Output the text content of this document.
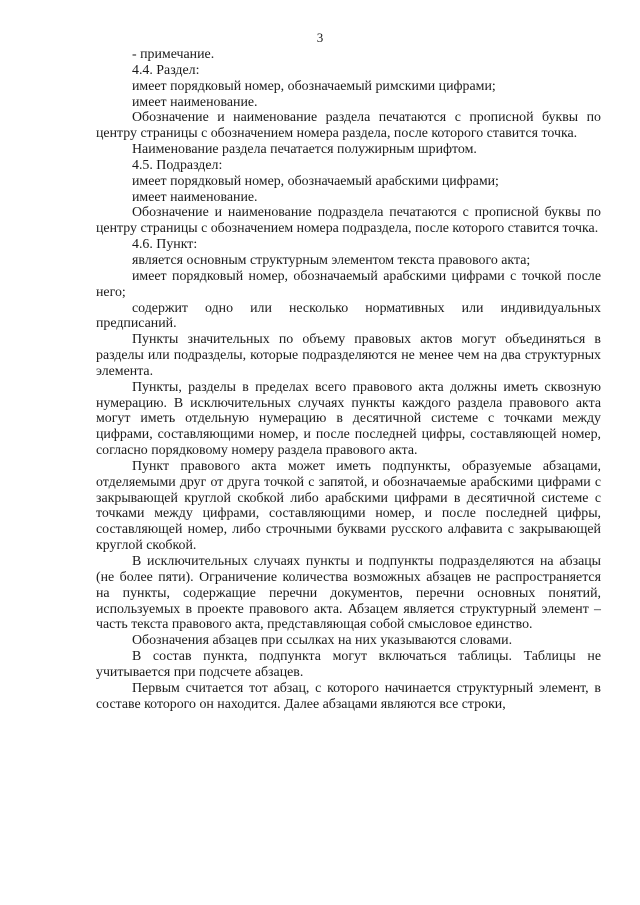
3

- примечание.

4.4. Раздел:

имеет порядковый номер, обозначаемый римскими цифрами;

имеет наименование.

Обозначение и наименование раздела печатаются с прописной буквы по центру страницы с обозначением номера раздела, после которого ставится точка.

Наименование раздела печатается полужирным шрифтом.

4.5. Подраздел:

имеет порядковый номер, обозначаемый арабскими цифрами;

имеет наименование.

Обозначение и наименование подраздела печатаются с прописной буквы по центру страницы с обозначением номера подраздела, после которого ставится точка.

4.6. Пункт:

является основным структурным элементом текста правового акта;

имеет порядковый номер, обозначаемый арабскими цифрами с точкой после него;

содержит одно или несколько нормативных или индивидуальных предписаний.

Пункты значительных по объему правовых актов могут объединяться в разделы или подразделы, которые подразделяются не менее чем на два структурных элемента.

Пункты, разделы в пределах всего правового акта должны иметь сквозную нумерацию. В исключительных случаях пункты каждого раздела правового акта могут иметь отдельную нумерацию в десятичной системе с точками между цифрами, составляющими номер, и после последней цифры, составляющей номер, согласно порядковому номеру раздела правового акта.

Пункт правового акта может иметь подпункты, образуемые абзацами, отделяемыми друг от друга точкой с запятой, и обозначаемые арабскими цифрами с закрывающей круглой скобкой либо арабскими цифрами в десятичной системе с точками между цифрами, составляющими номер, и после последней цифры, составляющей номер, либо строчными буквами русского алфавита с закрывающей круглой скобкой.

В исключительных случаях пункты и подпункты подразделяются на абзацы (не более пяти). Ограничение количества возможных абзацев не распространяется на пункты, содержащие перечни документов, перечни основных понятий, используемых в проекте правового акта. Абзацем является структурный элемент – часть текста правового акта, представляющая собой смысловое единство.

Обозначения абзацев при ссылках на них указываются словами.

В состав пункта, подпункта могут включаться таблицы. Таблицы не учитывается при подсчете абзацев.

Первым считается тот абзац, с которого начинается структурный элемент, в составе которого он находится. Далее абзацами являются все строки,
